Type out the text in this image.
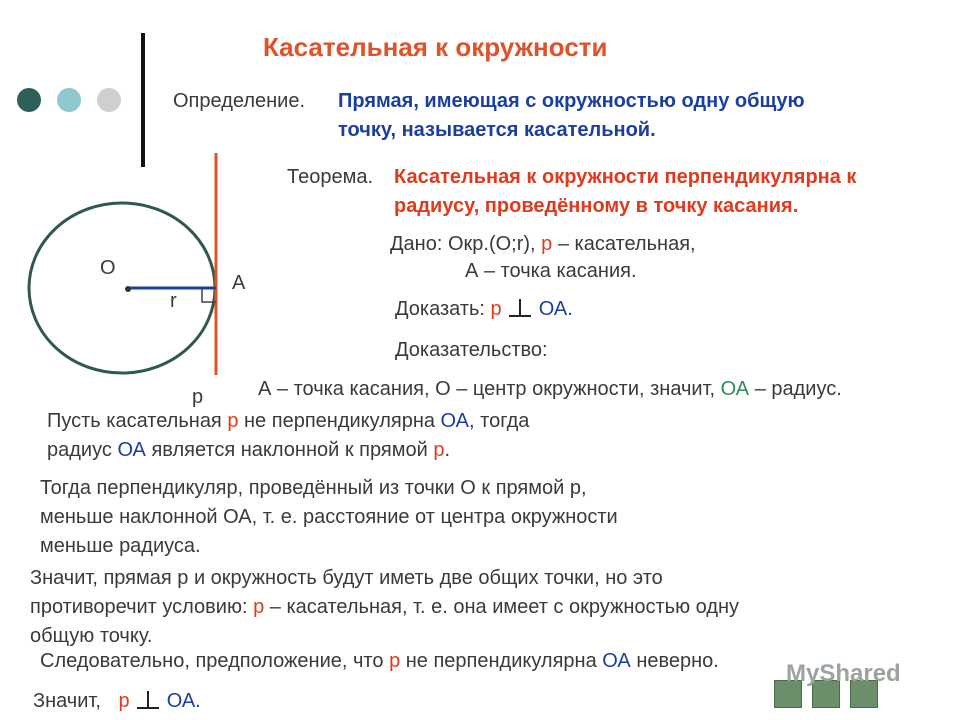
Касательная к окружности
Определение. Прямая, имеющая с окружностью одну общую
точку, называется касательной.
Теорема. Касательная к окружности перпендикулярна к
радиусу, проведённому в точку касания.
О
r
А
p
Дано: Окр.(О;r), p – касательная,
А – точка касания.
Доказать: p ОА.
Доказательство:
А – точка касания, О – центр окружности, значит, ОА – радиус.
Пусть касательная p не перпендикулярна ОА, тогда
радиус ОА является наклонной к прямой p.
Тогда перпендикуляр, проведённый из точки О к прямой p,
меньше наклонной ОА, т. е. расстояние от центра окружности
меньше радиуса.
Значит, прямая p и окружность будут иметь две общих точки, но это
противоречит условию: p – касательная, т. е. она имеет с окружностью одну
общую точку.
Следовательно, предположение, что p не перпендикулярна ОА неверно.
Значит, p ОА.
MyShared
